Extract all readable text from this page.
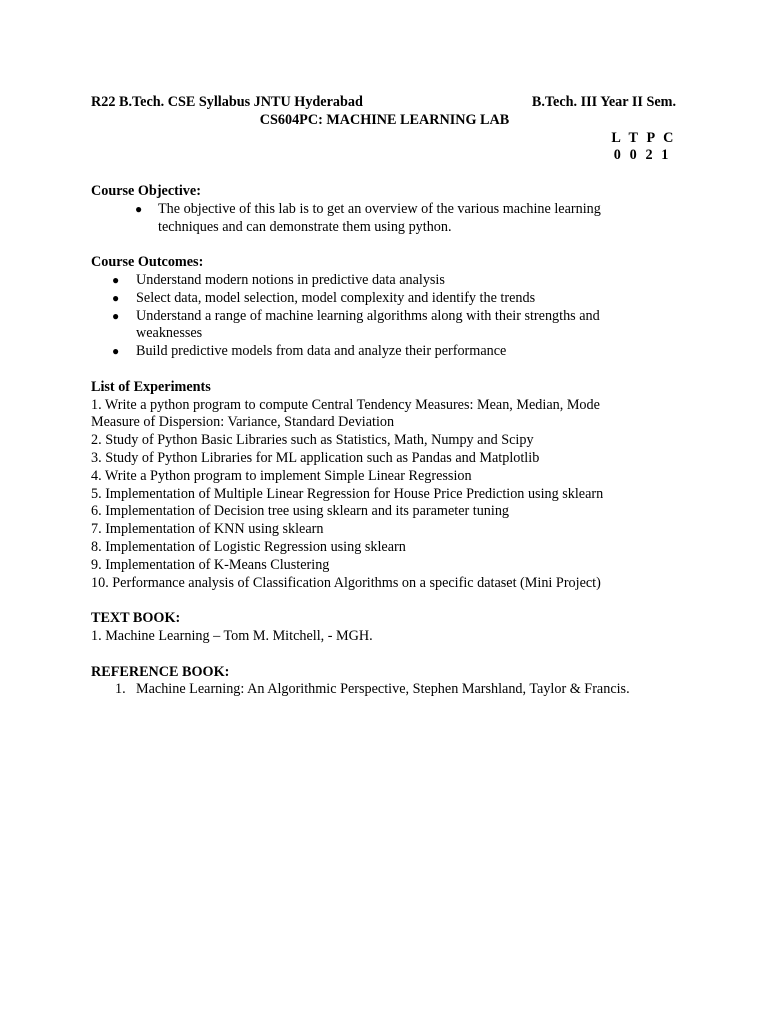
R22 B.Tech. CSE Syllabus JNTU Hyderabad	B.Tech. III Year II Sem.
CS604PC: MACHINE LEARNING LAB
L T P C
0 0 2 1
Course Objective:
● The objective of this lab is to get an overview of the various machine learning techniques and can demonstrate them using python.
Course Outcomes:
● Understand modern notions in predictive data analysis
● Select data, model selection, model complexity and identify the trends
● Understand a range of machine learning algorithms along with their strengths and weaknesses
● Build predictive models from data and analyze their performance
List of Experiments
1. Write a python program to compute Central Tendency Measures: Mean, Median, Mode
Measure of Dispersion: Variance, Standard Deviation
2. Study of Python Basic Libraries such as Statistics, Math, Numpy and Scipy
3. Study of Python Libraries for ML application such as Pandas and Matplotlib
4. Write a Python program to implement Simple Linear Regression
5. Implementation of Multiple Linear Regression for House Price Prediction using sklearn
6. Implementation of Decision tree using sklearn and its parameter tuning
7. Implementation of KNN using sklearn
8. Implementation of Logistic Regression using sklearn
9. Implementation of K-Means Clustering
10. Performance analysis of Classification Algorithms on a specific dataset (Mini Project)
TEXT BOOK:
1. Machine Learning – Tom M. Mitchell, - MGH.
REFERENCE BOOK:
1. Machine Learning: An Algorithmic Perspective, Stephen Marshland, Taylor & Francis.
